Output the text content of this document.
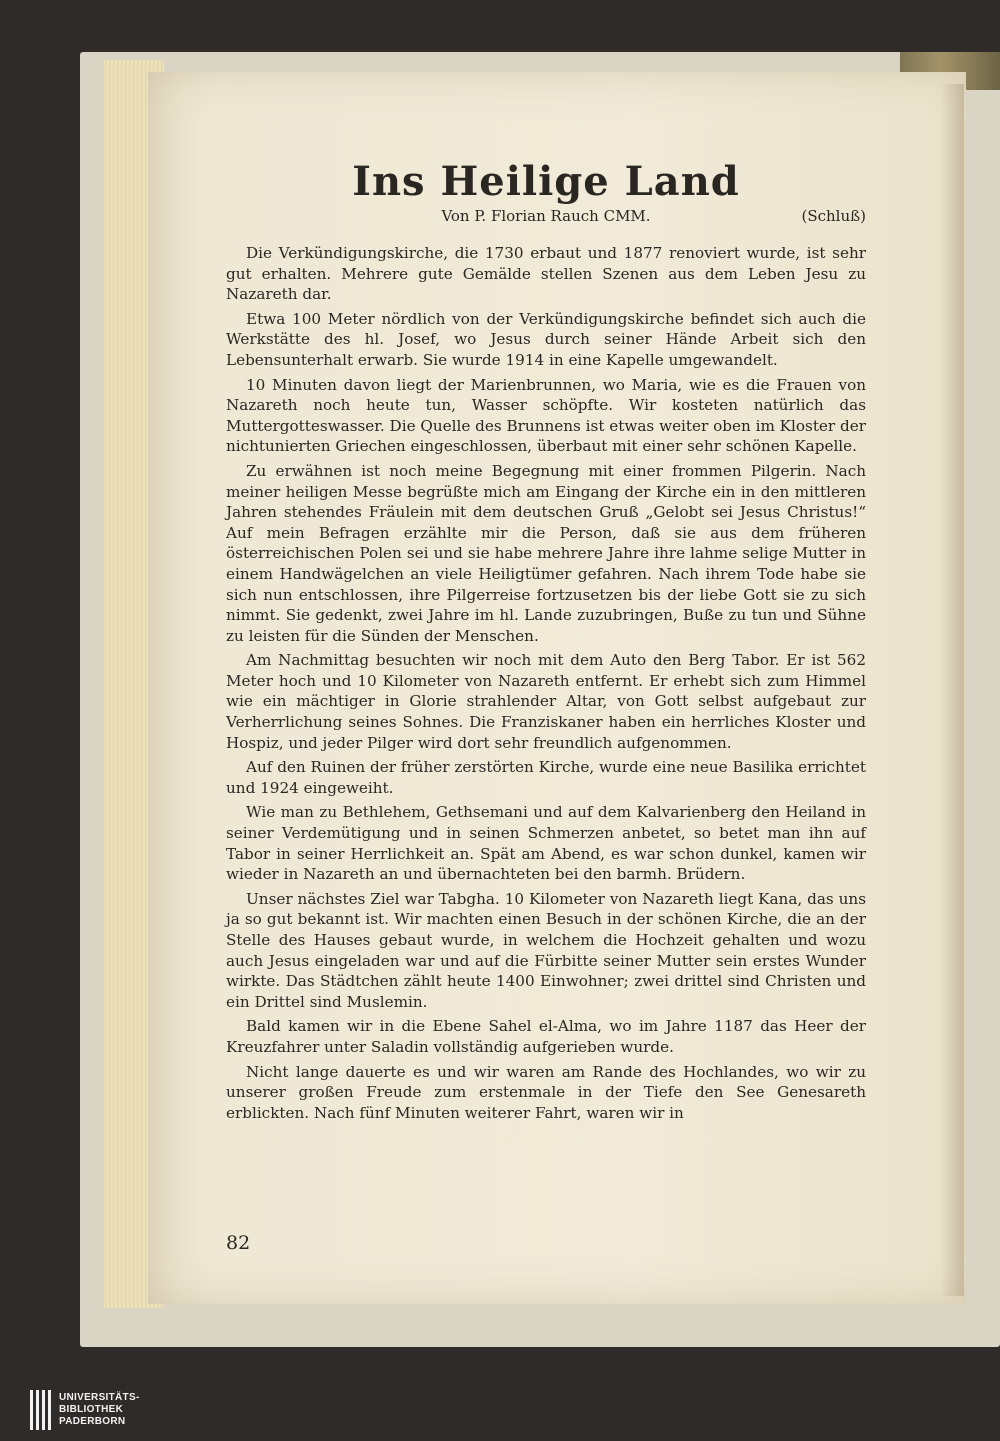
Ins Heilige Land
Von P. Florian Rauch CMM.	(Schluß)

Die Verkündigungskirche, die 1730 erbaut und 1877 renoviert wurde, ist sehr gut erhalten. Mehrere gute Gemälde stellen Szenen aus dem Leben Jesu zu Nazareth dar.

Etwa 100 Meter nördlich von der Verkündigungskirche befindet sich auch die Werkstätte des hl. Josef, wo Jesus durch seiner Hände Arbeit sich den Lebensunterhalt erwarb. Sie wurde 1914 in eine Kapelle umgewandelt.

10 Minuten davon liegt der Marienbrunnen, wo Maria, wie es die Frauen von Nazareth noch heute tun, Wasser schöpfte. Wir kosteten natürlich das Muttergotteswasser. Die Quelle des Brunnens ist etwas weiter oben im Kloster der nichtunierten Griechen eingeschlossen, überbaut mit einer sehr schönen Kapelle.

Zu erwähnen ist noch meine Begegnung mit einer frommen Pilgerin. Nach meiner heiligen Messe begrüßte mich am Eingang der Kirche ein in den mittleren Jahren stehendes Fräulein mit dem deutschen Gruß „Gelobt sei Jesus Christus!“ Auf mein Befragen erzählte mir die Person, daß sie aus dem früheren österreichischen Polen sei und sie habe mehrere Jahre ihre lahme selige Mutter in einem Handwägelchen an viele Heiligtümer gefahren. Nach ihrem Tode habe sie sich nun entschlossen, ihre Pilgerreise fortzusetzen bis der liebe Gott sie zu sich nimmt. Sie gedenkt, zwei Jahre im hl. Lande zuzubringen, Buße zu tun und Sühne zu leisten für die Sünden der Menschen.

Am Nachmittag besuchten wir noch mit dem Auto den Berg Tabor. Er ist 562 Meter hoch und 10 Kilometer von Nazareth entfernt. Er erhebt sich zum Himmel wie ein mächtiger in Glorie strahlender Altar, von Gott selbst aufgebaut zur Verherrlichung seines Sohnes. Die Franziskaner haben ein herrliches Kloster und Hospiz, und jeder Pilger wird dort sehr freundlich aufgenommen.

Auf den Ruinen der früher zerstörten Kirche, wurde eine neue Basilika errichtet und 1924 eingeweiht.

Wie man zu Bethlehem, Gethsemani und auf dem Kalvarienberg den Heiland in seiner Verdemütigung und in seinen Schmerzen anbetet, so betet man ihn auf Tabor in seiner Herrlichkeit an. Spät am Abend, es war schon dunkel, kamen wir wieder in Nazareth an und übernachteten bei den barmh. Brüdern.

Unser nächstes Ziel war Tabgha. 10 Kilometer von Nazareth liegt Kana, das uns ja so gut bekannt ist. Wir machten einen Besuch in der schönen Kirche, die an der Stelle des Hauses gebaut wurde, in welchem die Hochzeit gehalten und wozu auch Jesus eingeladen war und auf die Fürbitte seiner Mutter sein erstes Wunder wirkte. Das Städtchen zählt heute 1400 Einwohner; zwei drittel sind Christen und ein Drittel sind Muslemin.

Bald kamen wir in die Ebene Sahel el-Alma, wo im Jahre 1187 das Heer der Kreuzfahrer unter Saladin vollständig aufgerieben wurde.

Nicht lange dauerte es und wir waren am Rande des Hochlandes, wo wir zu unserer großen Freude zum erstenmale in der Tiefe den See Genesareth erblickten. Nach fünf Minuten weiterer Fahrt, waren wir in

82
UNIVERSITÄTS-
BIBLIOTHEK
PADERBORN
